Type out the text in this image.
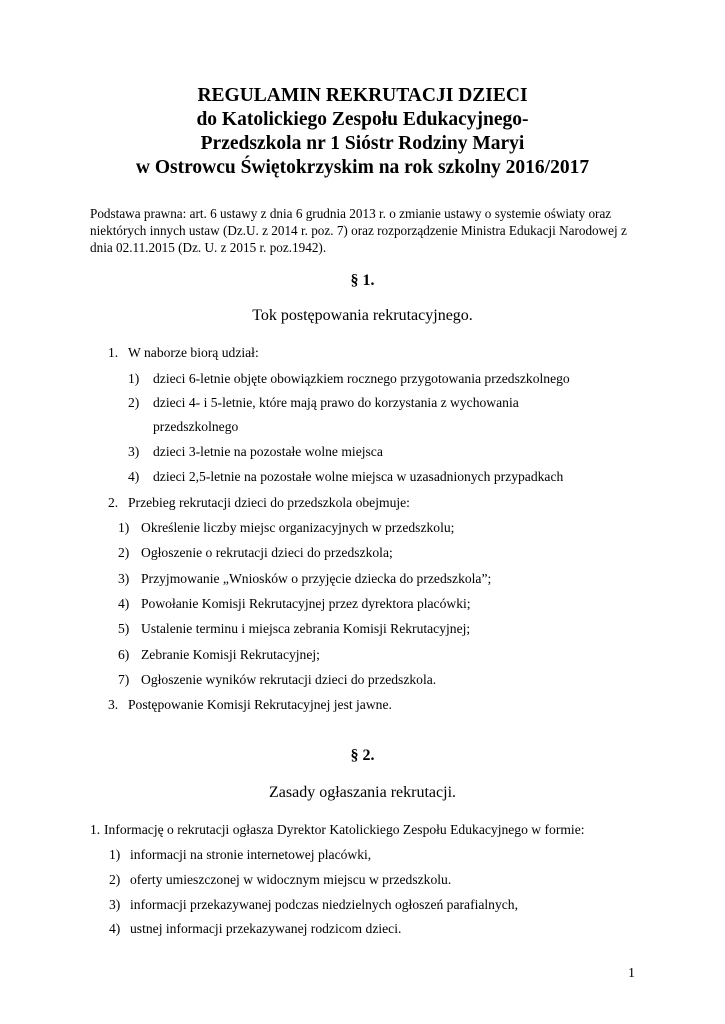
REGULAMIN REKRUTACJI DZIECI
do Katolickiego Zespołu Edukacyjnego-
Przedszkola nr 1 Sióstr Rodziny Maryi
w Ostrowcu Świętokrzyskim na rok szkolny 2016/2017

Podstawa prawna: art. 6 ustawy z dnia 6 grudnia 2013 r. o zmianie ustawy o systemie oświaty oraz niektórych innych ustaw (Dz.U. z 2014 r. poz. 7) oraz rozporządzenie Ministra Edukacji Narodowej z dnia 02.11.2015 (Dz. U. z 2015 r. poz.1942).

§ 1.
Tok postępowania rekrutacyjnego.
1. W naborze biorą udział:
1) dzieci 6-letnie objęte obowiązkiem rocznego przygotowania przedszkolnego
2) dzieci 4- i 5-letnie, które mają prawo do korzystania z wychowania
przedszkolnego
3) dzieci 3-letnie na pozostałe wolne miejsca
4) dzieci 2,5-letnie na pozostałe wolne miejsca w uzasadnionych przypadkach
2. Przebieg rekrutacji dzieci do przedszkola obejmuje:
1) Określenie liczby miejsc organizacyjnych w przedszkolu;
2) Ogłoszenie o rekrutacji dzieci do przedszkola;
3) Przyjmowanie „Wniosków o przyjęcie dziecka do przedszkola”;
4) Powołanie Komisji Rekrutacyjnej przez dyrektora placówki;
5) Ustalenie terminu i miejsca zebrania Komisji Rekrutacyjnej;
6) Zebranie Komisji Rekrutacyjnej;
7) Ogłoszenie wyników rekrutacji dzieci do przedszkola.
3. Postępowanie Komisji Rekrutacyjnej jest jawne.
§ 2.
Zasady ogłaszania rekrutacji.
1. Informację o rekrutacji ogłasza Dyrektor Katolickiego Zespołu Edukacyjnego w formie:
1) informacji na stronie internetowej placówki,
2) oferty umieszczonej w widocznym miejscu w przedszkolu.
3) informacji przekazywanej podczas niedzielnych ogłoszeń parafialnych,
4) ustnej informacji przekazywanej rodzicom dzieci.
1
